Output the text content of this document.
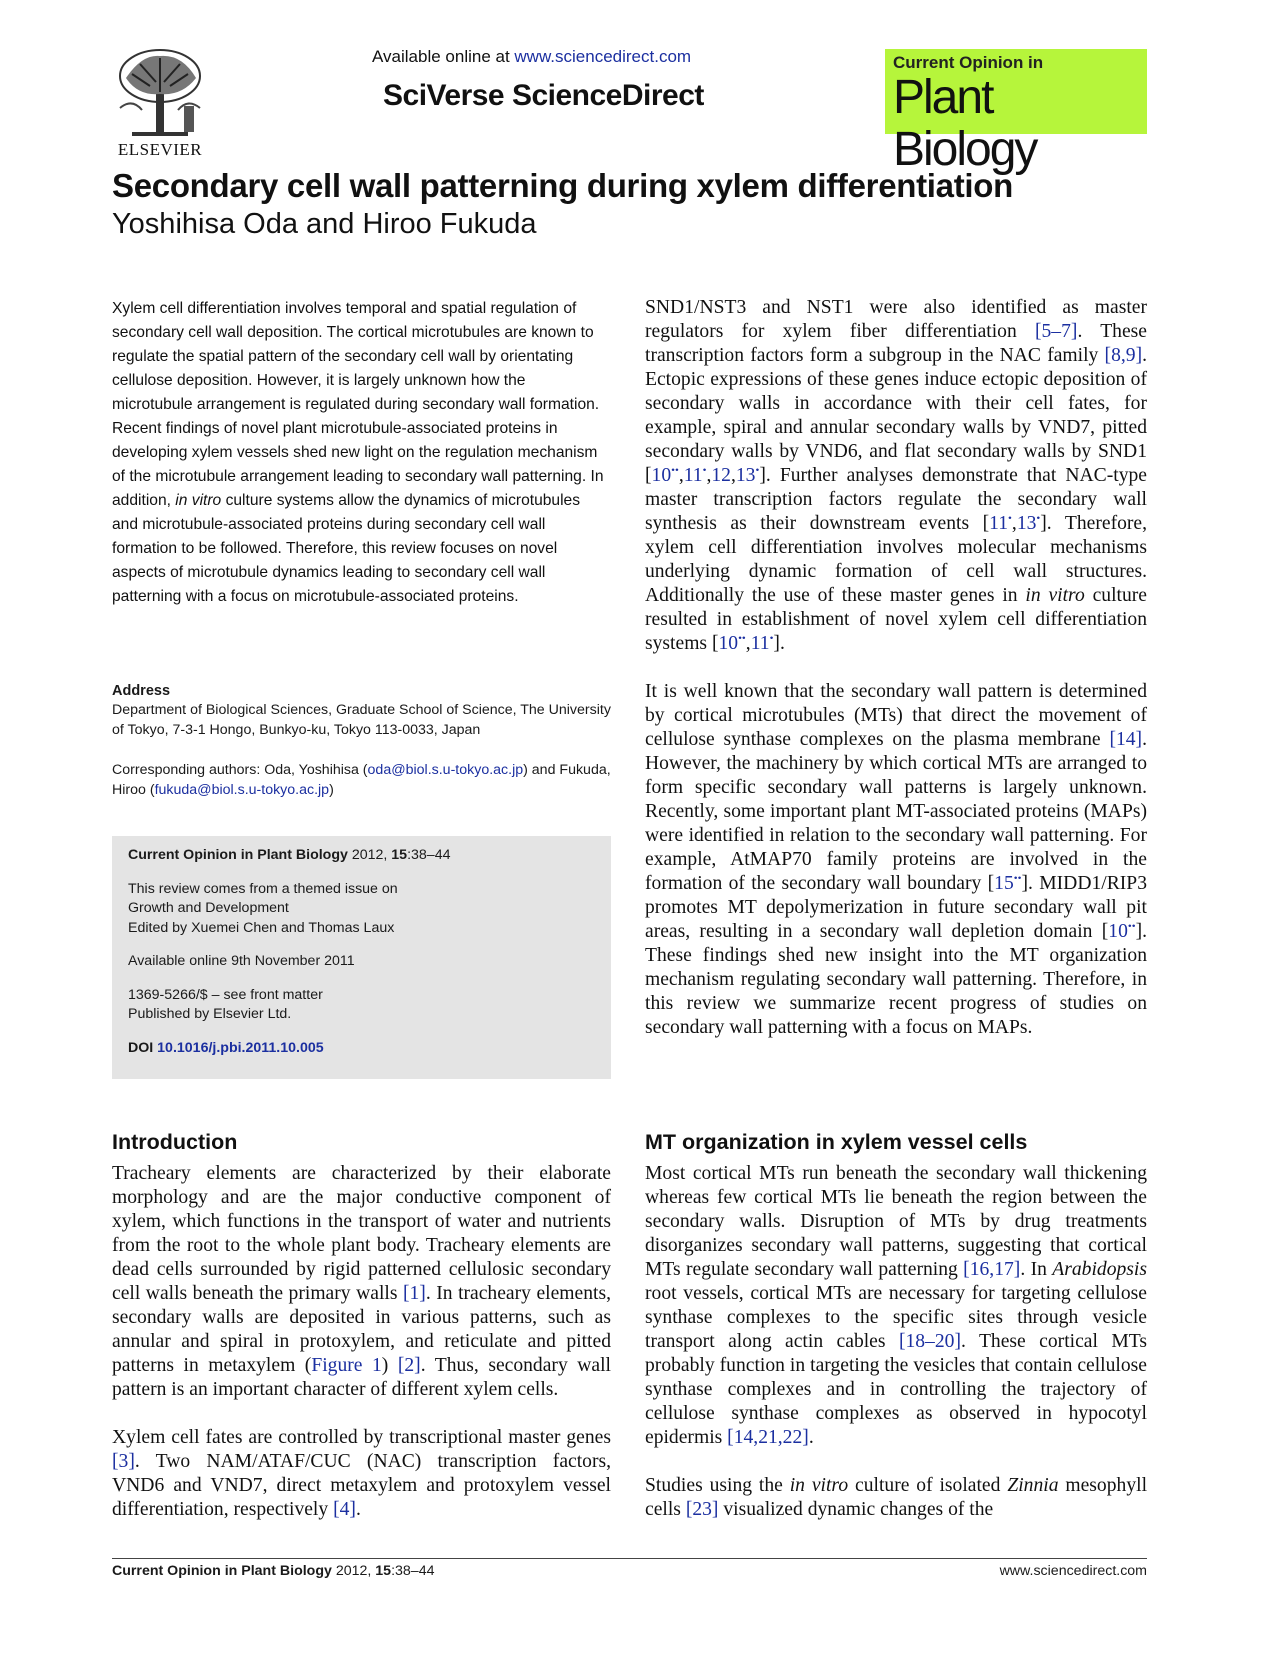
ELSEVIER
Available online at www.sciencedirect.com
SciVerse ScienceDirect
Current Opinion in
Plant Biology
Secondary cell wall patterning during xylem differentiation
Yoshihisa Oda and Hiroo Fukuda

Xylem cell differentiation involves temporal and spatial regulation of secondary cell wall deposition. The cortical microtubules are known to regulate the spatial pattern of the secondary cell wall by orientating cellulose deposition. However, it is largely unknown how the microtubule arrangement is regulated during secondary wall formation. Recent findings of novel plant microtubule-associated proteins in developing xylem vessels shed new light on the regulation mechanism of the microtubule arrangement leading to secondary wall patterning. In addition, in vitro culture systems allow the dynamics of microtubules and microtubule-associated proteins during secondary cell wall formation to be followed. Therefore, this review focuses on novel aspects of microtubule dynamics leading to secondary cell wall patterning with a focus on microtubule-associated proteins.

Address
Department of Biological Sciences, Graduate School of Science, The University of Tokyo, 7-3-1 Hongo, Bunkyo-ku, Tokyo 113-0033, Japan
Corresponding authors: Oda, Yoshihisa (oda@biol.s.u-tokyo.ac.jp) and Fukuda, Hiroo (fukuda@biol.s.u-tokyo.ac.jp)

Current Opinion in Plant Biology 2012, 15:38–44

This review comes from a themed issue on

Growth and Development

Edited by Xuemei Chen and Thomas Laux

Available online 9th November 2011

1369-5266/$ – see front matter

Published by Elsevier Ltd.

DOI 10.1016/j.pbi.2011.10.005

Introduction	MT organization in xylem vessel cells

Tracheary elements are characterized by their elaborate morphology and are the major conductive component of xylem, which functions in the transport of water and nutrients from the root to the whole plant body. Tracheary elements are dead cells surrounded by rigid patterned cellulosic secondary cell walls beneath the primary walls [1]. In tracheary elements, secondary walls are deposited in various patterns, such as annular and spiral in protoxylem, and reticulate and pitted patterns in metaxylem (Figure 1) [2]. Thus, secondary wall pattern is an important character of different xylem cells.

Xylem cell fates are controlled by transcriptional master genes [3]. Two NAM/ATAF/CUC (NAC) transcription factors, VND6 and VND7, direct metaxylem and protoxylem vessel differentiation, respectively [4].

SND1/NST3 and NST1 were also identified as master regulators for xylem fiber differentiation [5–7]. These transcription factors form a subgroup in the NAC family [8,9]. Ectopic expressions of these genes induce ectopic deposition of secondary walls in accordance with their cell fates, for example, spiral and annular secondary walls by VND7, pitted secondary walls by VND6, and flat secondary walls by SND1 [10••,11•,12,13•]. Further analyses demonstrate that NAC-type master transcription factors regulate the secondary wall synthesis as their downstream events [11•,13•]. Therefore, xylem cell differentiation involves molecular mechanisms underlying dynamic formation of cell wall structures. Additionally the use of these master genes in in vitro culture resulted in establishment of novel xylem cell differentiation systems [10••,11•].

It is well known that the secondary wall pattern is determined by cortical microtubules (MTs) that direct the movement of cellulose synthase complexes on the plasma membrane [14]. However, the machinery by which cortical MTs are arranged to form specific secondary wall patterns is largely unknown. Recently, some important plant MT-associated proteins (MAPs) were identified in relation to the secondary wall patterning. For example, AtMAP70 family proteins are involved in the formation of the secondary wall boundary [15••]. MIDD1/RIP3 promotes MT depolymerization in future secondary wall pit areas, resulting in a secondary wall depletion domain [10••]. These findings shed new insight into the MT organization mechanism regulating secondary wall patterning. Therefore, in this review we summarize recent progress of studies on secondary wall patterning with a focus on MAPs.

Most cortical MTs run beneath the secondary wall thickening whereas few cortical MTs lie beneath the region between the secondary walls. Disruption of MTs by drug treatments disorganizes secondary wall patterns, suggesting that cortical MTs regulate secondary wall patterning [16,17]. In Arabidopsis root vessels, cortical MTs are necessary for targeting cellulose synthase complexes to the specific sites through vesicle transport along actin cables [18–20]. These cortical MTs probably function in targeting the vesicles that contain cellulose synthase complexes and in controlling the trajectory of cellulose synthase complexes as observed in hypocotyl epidermis [14,21,22].

Studies using the in vitro culture of isolated Zinnia mesophyll cells [23] visualized dynamic changes of the

Current Opinion in Plant Biology 2012, 15:38–44	www.sciencedirect.com
